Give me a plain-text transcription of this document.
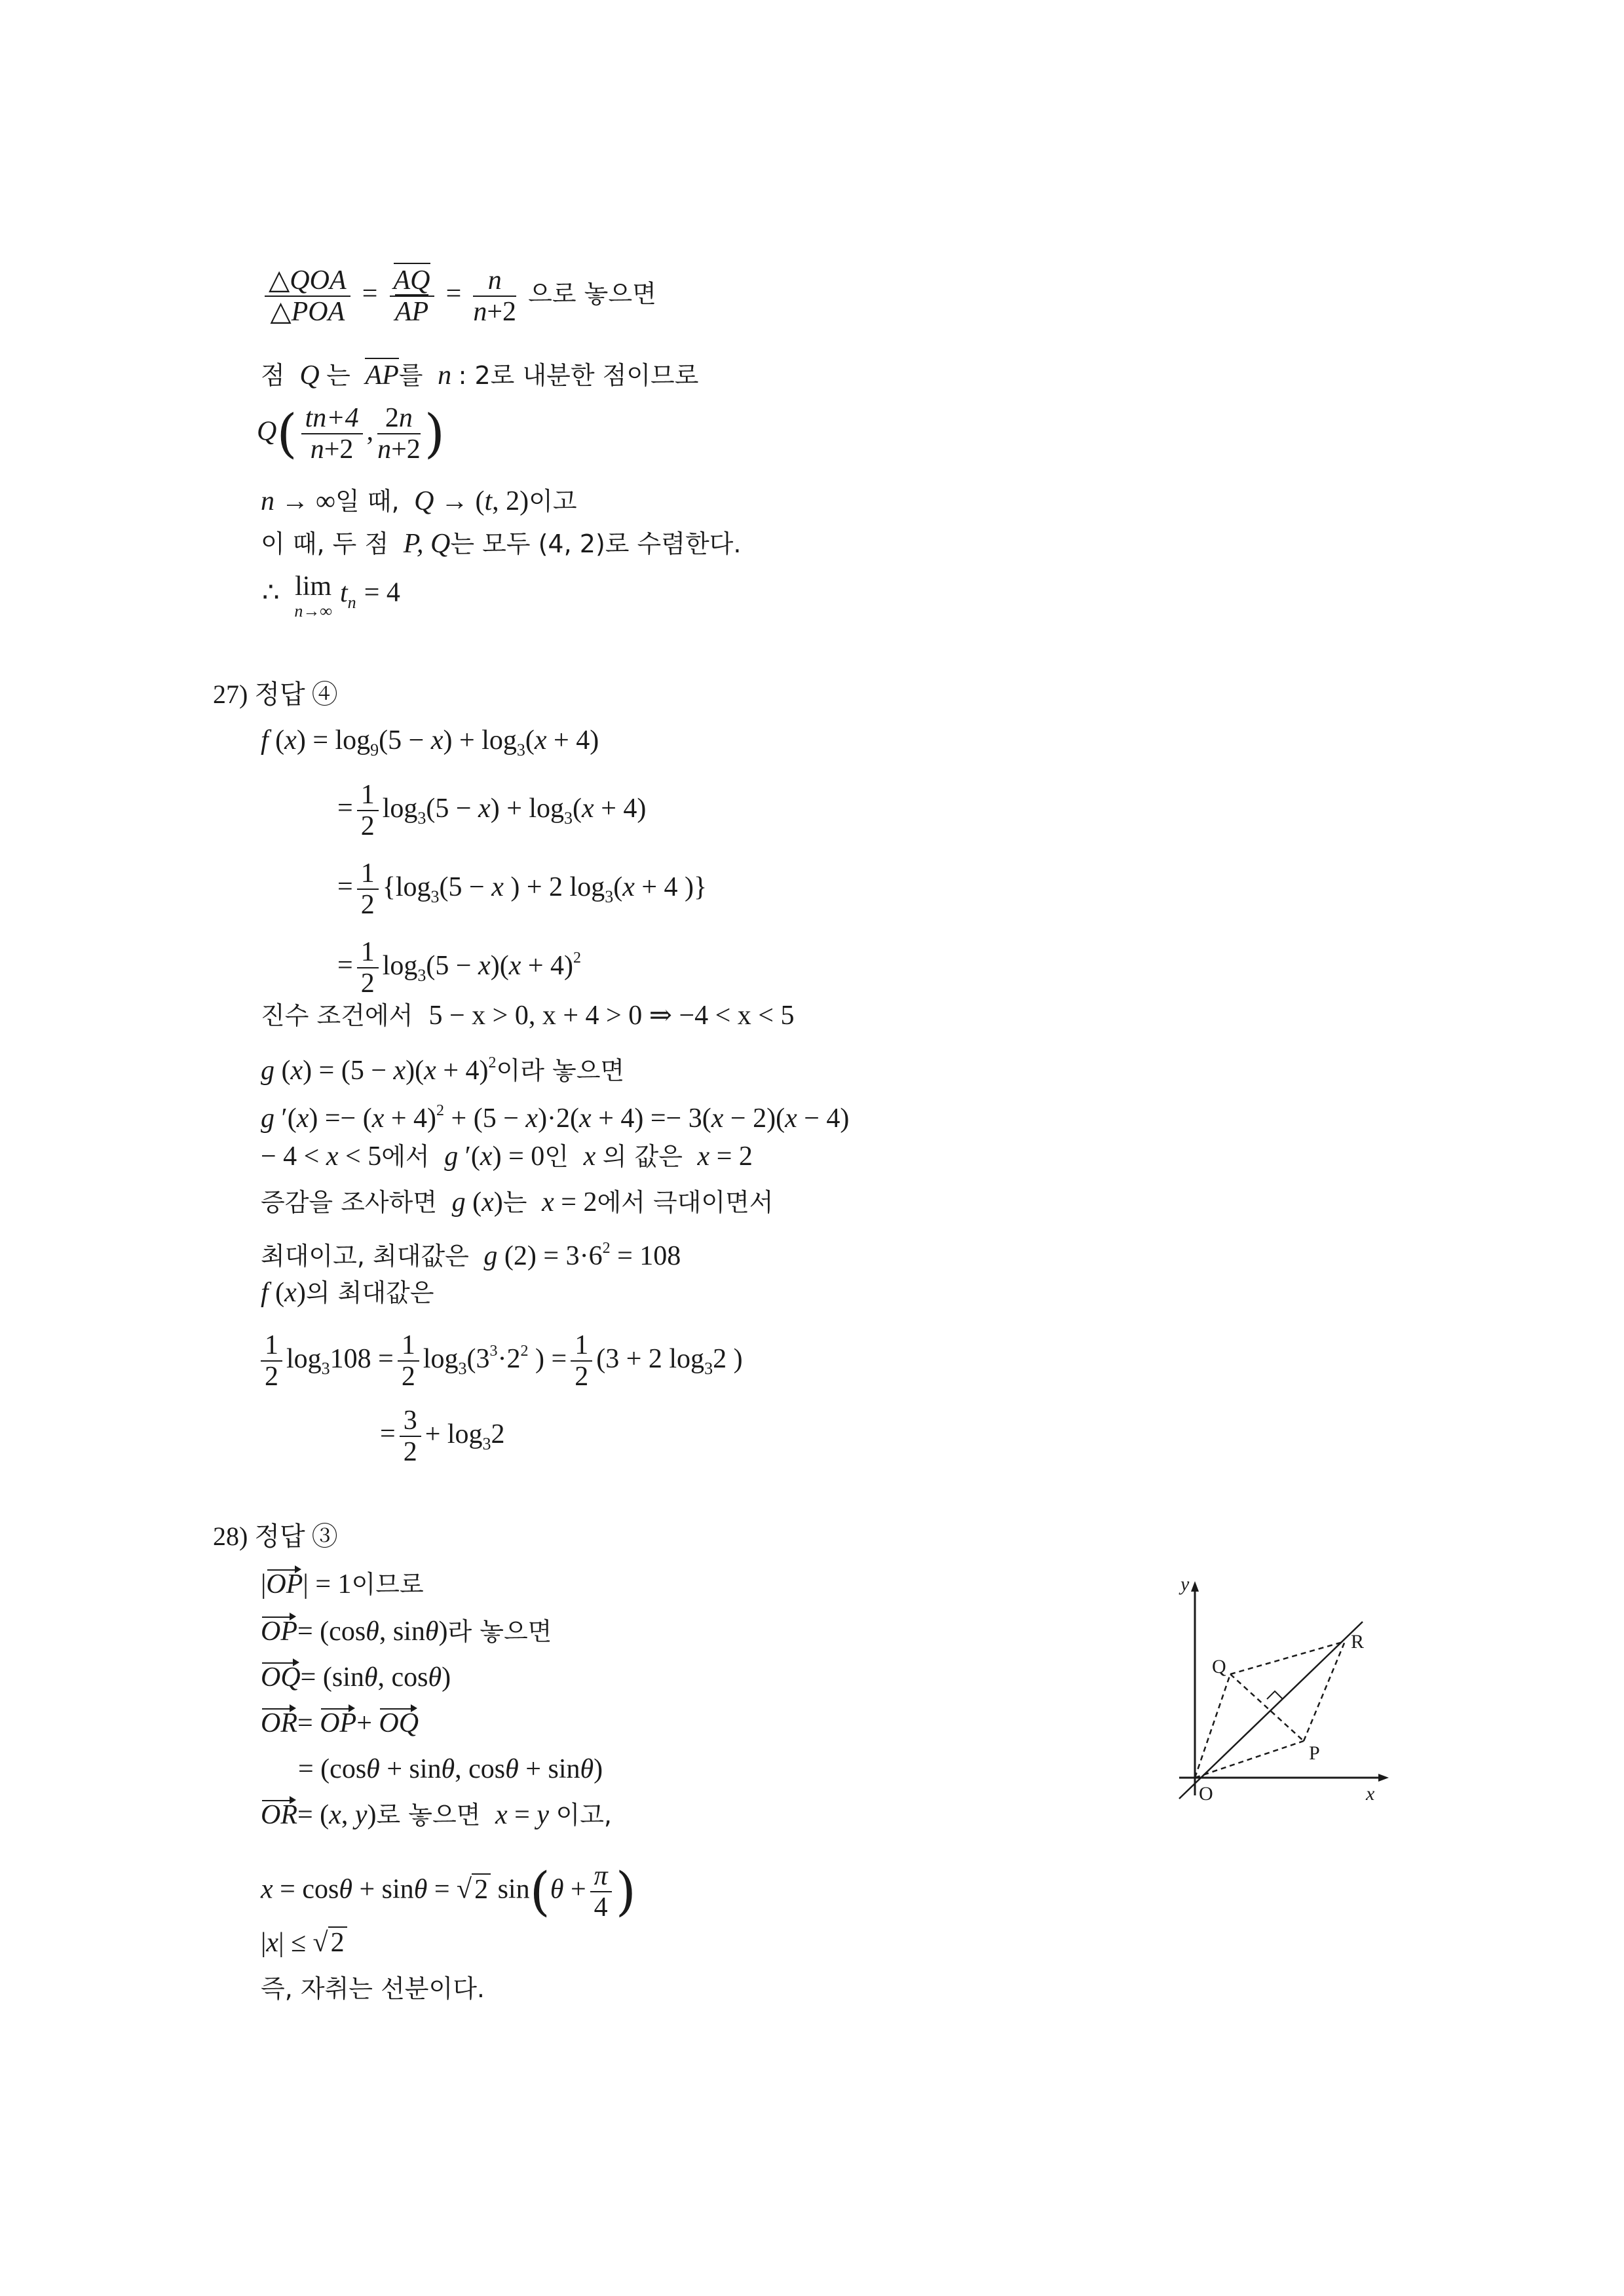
$\frac{\text{△QOA}}{\text{△POA}} = \frac{AQ}{AP} = \frac{n}{n+2}$ 으로 놓으면
점  Q 는 AP를  n : 2로 내분한 점이므로
$Q( \frac{tn+4}{n+2}$ , $\frac{2n}{n+2}$ )
n → ∞일 때,  Q → (t, 2)이고
이 때, 두 점  P, Q는 모두 (4, 2)로 수렴한다.
∴  lim
n→∞
$t_n = 4$
27) 정답 ④
f $(x) = \log_9(5 - x) + \log_3(x + 4)$
= $\frac{1}{2} \log_3(5 - x) + \log_3(x + 4)$
= $\frac{1}{2} \{\log_3(5 - x$ ) + 2 $\log_3(x + 4$ )}
= $\frac{1}{2} \log_3(5 - x)(x + 4)^2$
진수 조건에서 5 − x > 0, x + 4 > 0 ⇒ −4 < x < 5
g $(x) = (5 - x)(x + 4)^2$이라 놓으면
g $'(x) =- (x + 4)^2 + (5 - x)\cdot 2(x + 4) =- 3(x - 2)(x - 4)$
− 4 < x < 5에서 g ′(x) = 0인  x 의 값은 x = 2
증감을 조사하면 g (x)는 x = 2에서 극대이면서
최대이고, 최대값은 g $(2) = 3\cdot 6^2 = 108$
f (x)의 최대값은
$\frac{1}{2} \log_3108 = \frac{1}{2} \log_3(3^3\cdot 2^2$ ) = $\frac{1}{2} (3 + 2$ $\log_32$ )
= $\frac{3}{2} + \log_32$
28) 정답 ③
|OP| = 1이므로
OP= (cosθ, sinθ)라 놓으면
OQ= (sinθ, cosθ)
OR= OP+ OQ
= (cosθ + sinθ, cosθ + sinθ)
OR= (x, y)로 놓으면 x = y 이고,
x = cosθ + sinθ = √2 $\sin(\theta + \frac{\pi}{4}$ )
|x| ≤ √2
즉, 자취는 선분이다.
y
x
O
P
Q
R
